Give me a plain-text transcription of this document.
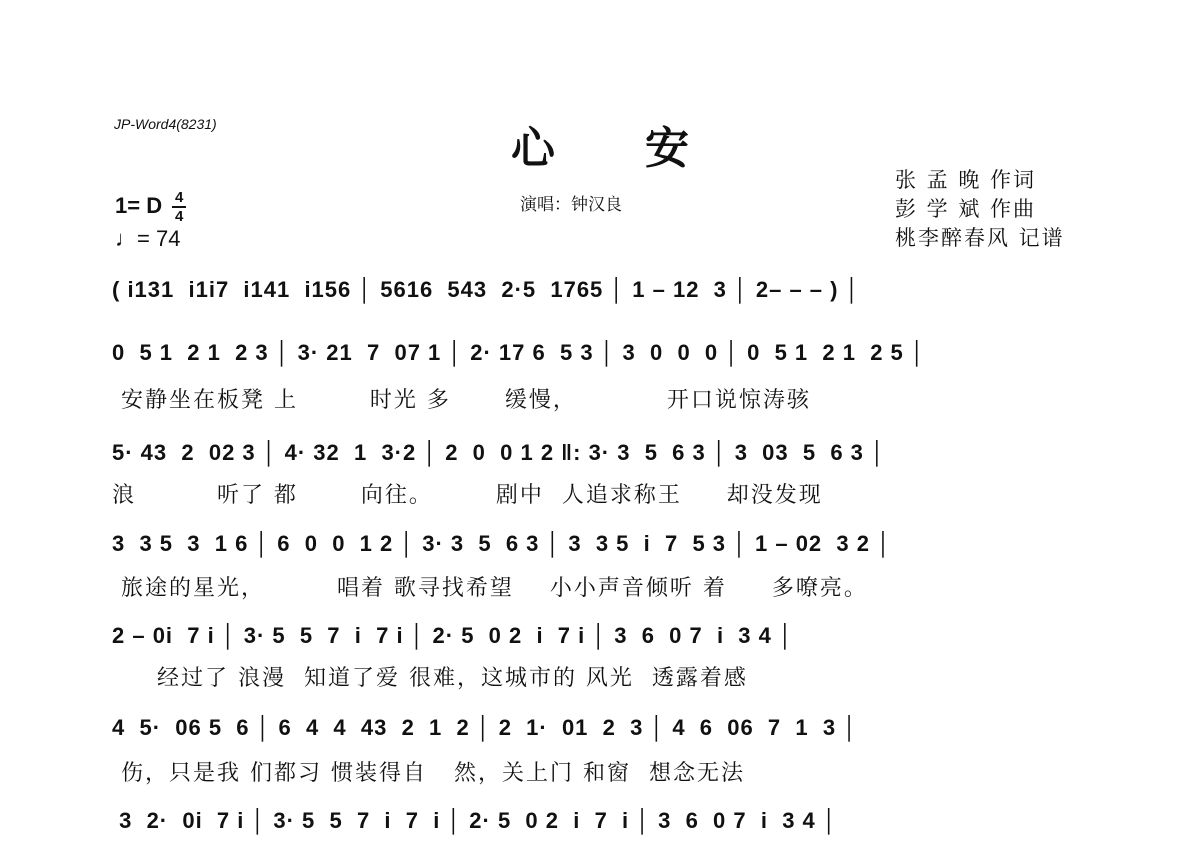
JP-Word4(8231)	心安
演唱：钟汉良
张 孟 晚 作词
彭 学 斌 作曲
桃李醉春风 记谱
1= D $\frac{4}{4}$
♩= 74
( i131  i1i7  i141  i156 │ 5616  543  2·5  1765 │ 1 – 12  3 │ 2– – – ) │
0  5 1  2 1  2 3 │ 3· 21  7  07 1 │ 2· 17 6  5 3 │ 3  0  0  0 │ 0  5 1  2 1  2 5 │
安静坐在板凳 上        时光 多      缓慢，          开口说惊涛骇
5· 43  2  02 3 │ 4· 32  1  3·2 │ 2  0  0 1 2 ‖: 3· 3  5  6 3 │ 3  03  5  6 3 │
浪         听了 都       向往。       剧中  人追求称王     却没发现
3  3 5  3  1 6 │ 6  0  0  1 2 │ 3· 3  5  6 3 │ 3  3 5  i  7  5 3 │ 1 – 02  3 2 │
旅途的星光，        唱着 歌寻找希望    小小声音倾听 着     多嘹亮。
2 – 0i  7 i │ 3· 5  5  7  i  7 i │ 2· 5  0 2  i  7 i │ 3  6  0 7  i  3 4 │
经过了 浪漫  知道了爱 很难，这城市的 风光  透露着感
4  5·  06 5  6 │ 6  4  4  43  2  1  2 │ 2  1·  01  2  3 │ 4  6  06  7  1  3 │
伤，只是我 们都习 惯装得自   然，关上门 和窗  想念无法
3  2·  0i  7 i │ 3· 5  5  7  i  7  i │ 2· 5  0 2  i  7  i │ 3  6  0 7  i  3 4 │
